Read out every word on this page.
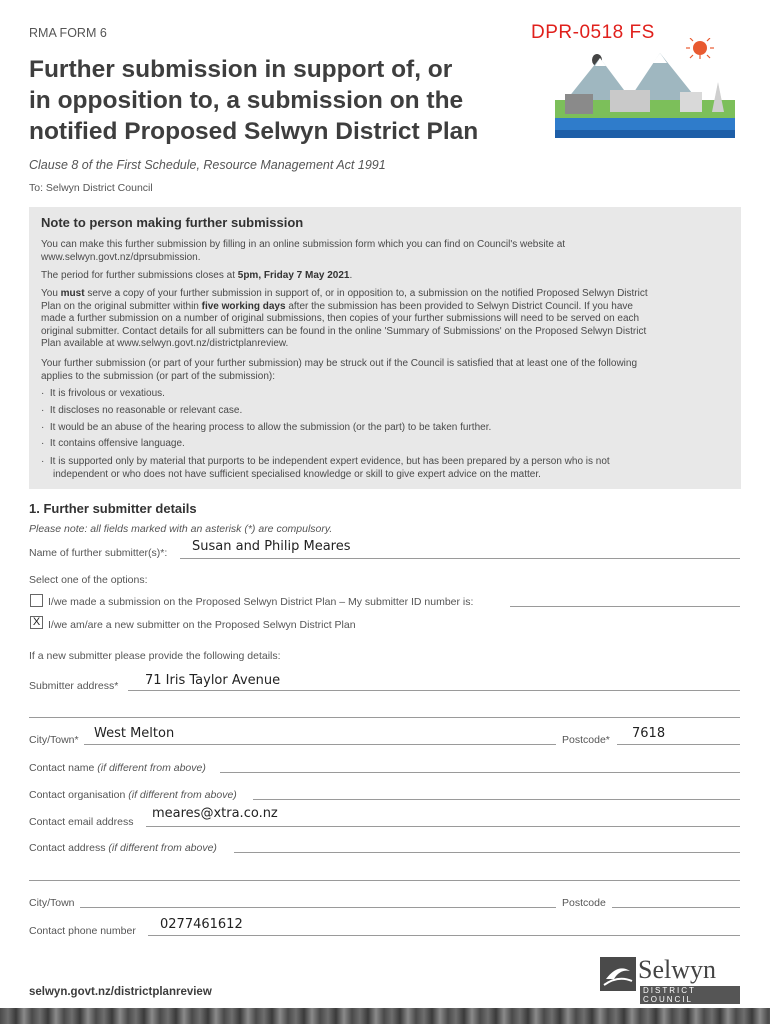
RMA FORM 6	DPR-0518 FS
Further submission in support of, or
in opposition to, a submission on the
notified Proposed Selwyn District Plan
Clause 8 of the First Schedule, Resource Management Act 1991
To: Selwyn District Council
Note to person making further submission
You can make this further submission by filling in an online submission form which you can find on Council's website at
www.selwyn.govt.nz/dprsubmission.
The period for further submissions closes at 5pm, Friday 7 May 2021.
You must serve a copy of your further submission in support of, or in opposition to, a submission on the notified Proposed Selwyn District
Plan on the original submitter within five working days after the submission has been provided to Selwyn District Council. If you have
made a further submission on a number of original submissions, then copies of your further submissions will need to be served on each
original submitter. Contact details for all submitters can be found in the online 'Summary of Submissions' on the Proposed Selwyn District
Plan available at www.selwyn.govt.nz/districtplanreview.
Your further submission (or part of your further submission) may be struck out if the Council is satisfied that at least one of the following
applies to the submission (or part of the submission):
·  It is frivolous or vexatious.
·  It discloses no reasonable or relevant case.
·  It would be an abuse of the hearing process to allow the submission (or the part) to be taken further.
·  It contains offensive language.
·  It is supported only by material that purports to be independent expert evidence, but has been prepared by a person who is not
independent or who does not have sufficient specialised knowledge or skill to give expert advice on the matter.
1. Further submitter details
Please note: all fields marked with an asterisk (*) are compulsory.
Name of further submitter(s)*: Susan and Philip Meares
Select one of the options:
I/we made a submission on the Proposed Selwyn District Plan – My submitter ID number is:
X I/we am/are a new submitter on the Proposed Selwyn District Plan
If a new submitter please provide the following details:
Submitter address* 71 Iris Taylor Avenue
City/Town* West Melton	Postcode* 7618
Contact name (if different from above)
Contact organisation (if different from above)
Contact email address
meares@xtra.co.nz
Contact address (if different from above)
City/Town	Postcode
Contact phone number 0277461612
selwyn.govt.nz/districtplanreview
Selwyn
DISTRICT COUNCIL
